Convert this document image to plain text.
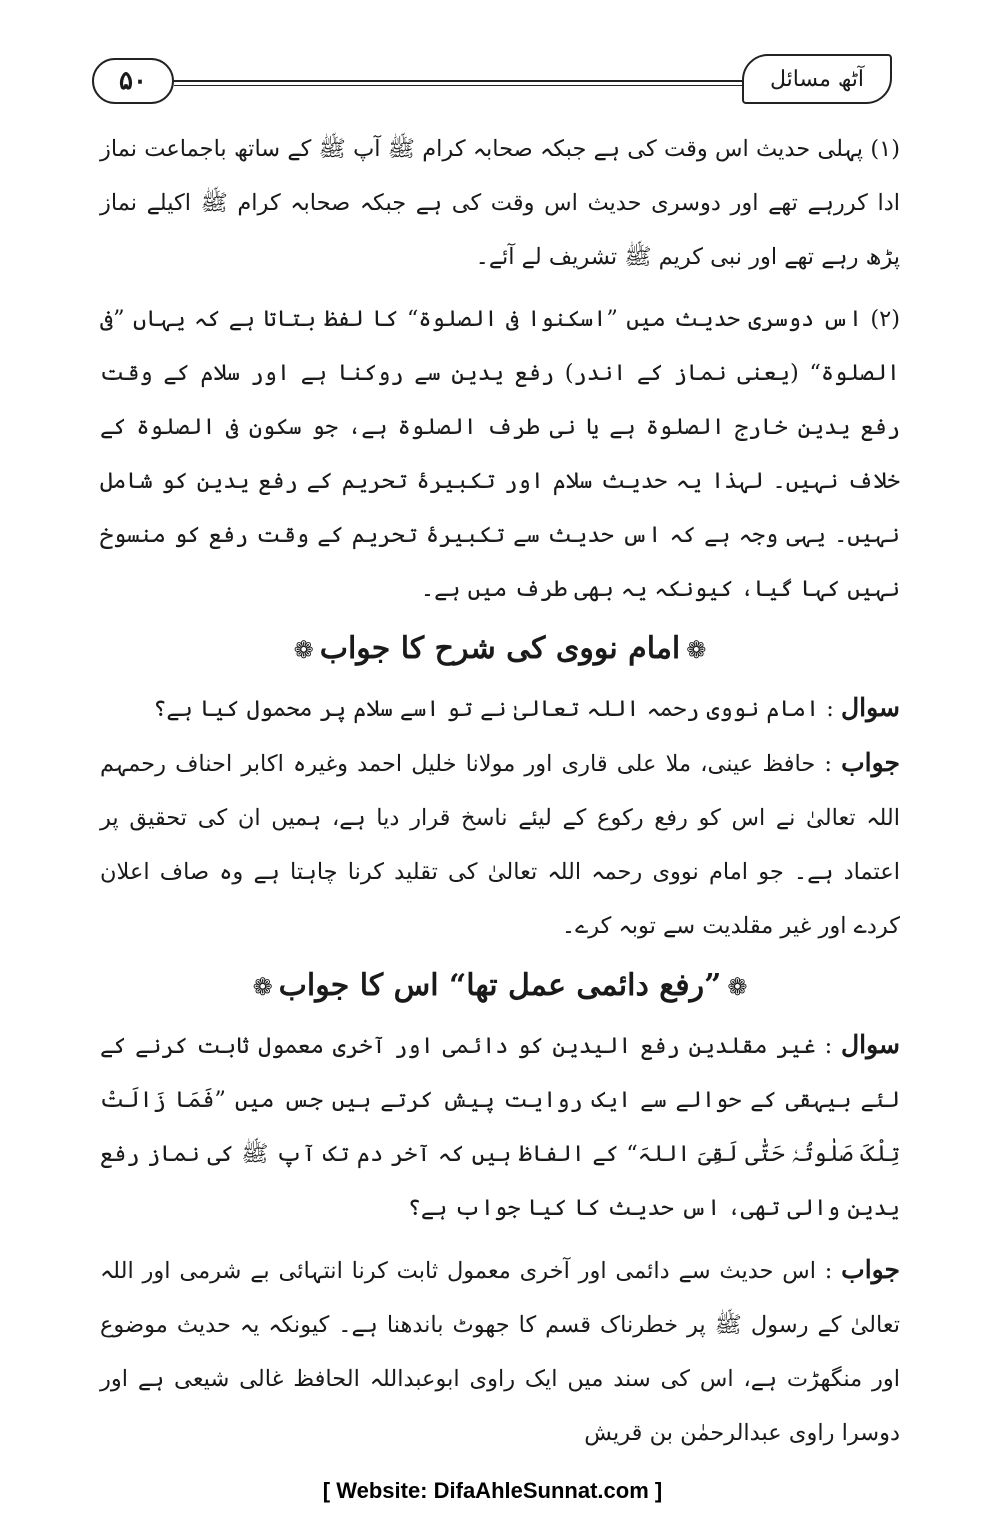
۵۰	آٹھ مسائل

(۱) پہلی حدیث اس وقت کی ہے جبکہ صحابہ کرام ﷺ آپ ﷺ کے ساتھ باجماعت نماز ادا کررہے تھے اور دوسری حدیث اس وقت کی ہے جبکہ صحابہ کرام ﷺ اکیلے نماز پڑھ رہے تھے اور نبی کریم ﷺ تشریف لے آئے۔

(۲) اس دوسری حدیث میں ”اسکنوا فی الصلوۃ“ کا لفظ بتاتا ہے کہ یہاں ”فی الصلوۃ“ (یعنی نماز کے اندر) رفع یدین سے روکنا ہے اور سلام کے وقت رفع یدین خارج الصلوۃ ہے یا نی طرف الصلوۃ ہے، جو سکون فی الصلوۃ کے خلاف نہیں۔ لہذا یہ حدیث سلام اور تکبیرۂ تحریم کے رفع یدین کو شامل نہیں۔ یہی وجہ ہے کہ اس حدیث سے تکبیرۂ تحریم کے وقت رفع کو منسوخ نہیں کہا گیا، کیونکہ یہ بھی طرف میں ہے۔

❁امام نووی کی شرح کا جواب❁

سوال : امام نووی رحمہ اللہ تعالیٰ نے تو اسے سلام پر محمول کیا ہے؟

جواب : حافظ عینی، ملا علی قاری اور مولانا خلیل احمد وغیرہ اکابر احناف رحمہم اللہ تعالیٰ نے اس کو رفع رکوع کے لیئے ناسخ قرار دیا ہے، ہمیں ان کی تحقیق پر اعتماد ہے۔ جو امام نووی رحمہ اللہ تعالیٰ کی تقلید کرنا چاہتا ہے وہ صاف اعلان کردے اور غیر مقلدیت سے توبہ کرے۔

❁”رفع دائمی عمل تھا“ اس کا جواب❁

سوال : غیر مقلدین رفع الیدین کو دائمی اور آخری معمول ثابت کرنے کے لئے بیہقی کے حوالے سے ایک روایت پیش کرتے ہیں جس میں ”فَمَا زَالَتْ تِلْکَ صَلٰوتُہٗ حَتّٰی لَقِیَ اللہَ“ کے الفاظ ہیں کہ آخر دم تک آپ ﷺ کی نماز رفع یدین والی تھی، اس حدیث کا کیا جواب ہے؟

جواب : اس حدیث سے دائمی اور آخری معمول ثابت کرنا انتہائی بے شرمی اور اللہ تعالیٰ کے رسول ﷺ پر خطرناک قسم کا جھوٹ باندھنا ہے۔ کیونکہ یہ حدیث موضوع اور منگھڑت ہے، اس کی سند میں ایک راوی ابوعبداللہ الحافظ غالی شیعی ہے اور دوسرا راوی عبدالرحمٰن بن قریش

[ Website: DifaAhleSunnat.com ]
